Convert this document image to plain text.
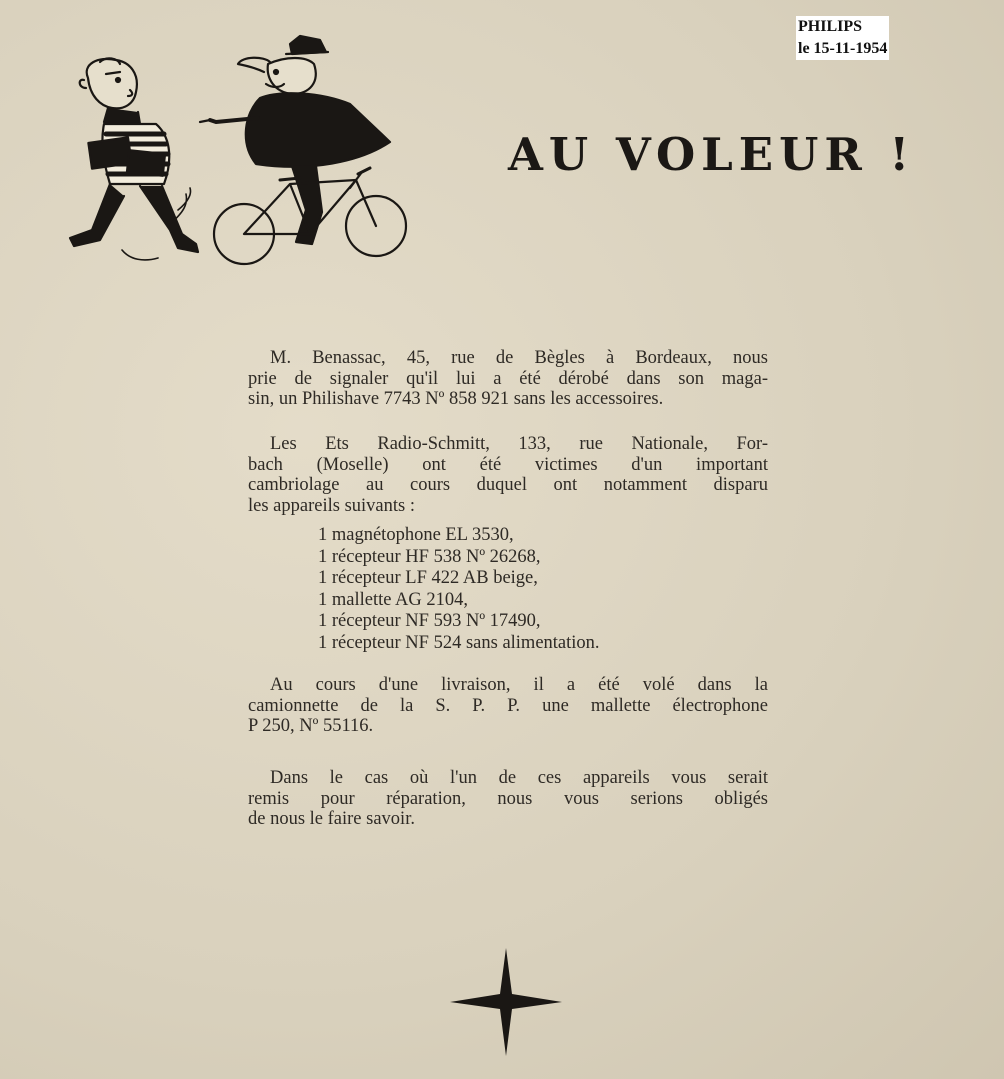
PHILIPS
le 15-11-1954
AU VOLEUR !
M. Benassac, 45, rue de Bègles à Bordeaux, nous
prie de signaler qu'il lui a été dérobé dans son maga-
sin, un Philishave 7743 Nº 858 921 sans les accessoires.
Les Ets Radio-Schmitt, 133, rue Nationale, For-
bach (Moselle) ont été victimes d'un important
cambriolage au cours duquel ont notamment disparu
les appareils suivants :
1 magnétophone EL 3530,
1 récepteur HF 538 Nº 26268,
1 récepteur LF 422 AB beige,
1 mallette AG 2104,
1 récepteur NF 593 Nº 17490,
1 récepteur NF 524 sans alimentation.
Au cours d'une livraison, il a été volé dans la
camionnette de la S. P. P. une mallette électrophone
P 250, Nº 55116.
Dans le cas où l'un de ces appareils vous serait
remis pour réparation, nous vous serions obligés
de nous le faire savoir.
